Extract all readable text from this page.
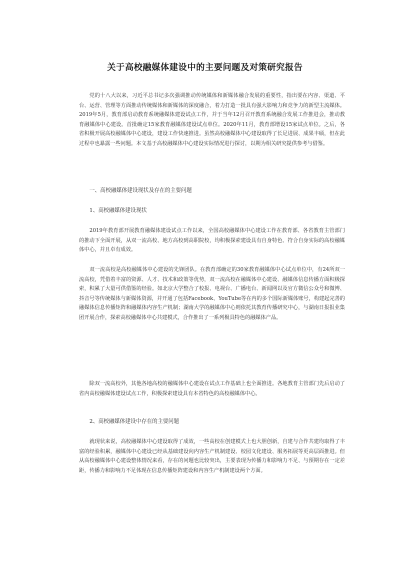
关于高校融媒体建设中的主要问题及对策研究报告

党的十八大以来，习近平总书记多次强调推动传统媒体和新媒体融合发展的重要性，指出要在内容、渠道、平台、运营、管理等方面推动传统媒体和新媒体的深度融合，着力打造一批具有强大影响力和竞争力的新型主流媒体。2019年5月，教育部启动教育系统融媒体建设试点工作，并于当年12月召开教育系统融合发展工作推进会，推动教育融媒体中心建设。首批确定15家教育融媒体建设试点单位。2020年11月，教育部增设15家试点单位。之后，各省积极开展高校融媒体中心建设，建设工作快速推进。虽然高校融媒体中心建设取得了长足进展、成果丰硕，但在此过程中也暴露一些问题。本文基于高校融媒体中心建设实际情况进行探讨，以期为相关研究提供参考与借鉴。

一、高校融媒体建设现状及存在的主要问题
1、高校融媒体建设现状

2019年教育部开展教育融媒体建设试点工作以来，全国高校融媒体中心建设工作在教育部、各省教育主管部门的推动下全面开展，从双一流高校、地方高校到高职院校，均积极探索建设具有自身特色、符合自身实际的高校融媒体中心，并且卓有成效。

双一流高校是高校融媒体中心建设的先锋团队。在教育部确定的30家教育融媒体中心试点单位中，有24所双一流高校，凭借着丰富的资源、人才、技术和政策等优势，双一流高校在融媒体中心建设、融媒体信息传播方面积极探索，积累了大量可供借鉴的经验。如北京大学整合了校报、电视台、广播电台、新闻网以及官方微信公众号和微博、抖音号等传统媒体与新媒体资源，并开通了包括Facebook、YouTube等在内的多个国际新媒体账号，构建起完善的融媒体信息传播矩阵和融媒体内容生产机制；湖南大学的融媒体中心则依托其教育传播研究中心，与湖南日报报业集团开展合作，探索高校融媒体中心共建模式，合作推出了一系列极具特色的融媒体产品。

除双一流高校外，其他各地高校的融媒体中心建设在试点工作基础上也全面推进。各地教育主管部门先后启动了省内高校融媒体建设试点工作，积极探索建设具有本省特色的高校融媒体中心。

2、高校融媒体建设中存在的主要问题

就现状来说，高校融媒体中心建设取得了成效，一些高校在创建模式上也大胆创新，自建与合作共建均取得了丰富的经验积累，融媒体中心建设已经从基础建设向内容生产机制建设、校园文化建设、服务拓展等更高层面推进。但从高校融媒体中心建设整体情况来看，存在的问题也比较突出，主要表现为传播力和影响力不足、与预期存在一定差距，传播力和影响力不足体现在信息传播矩阵建设和内容生产机制建设两个方面。
